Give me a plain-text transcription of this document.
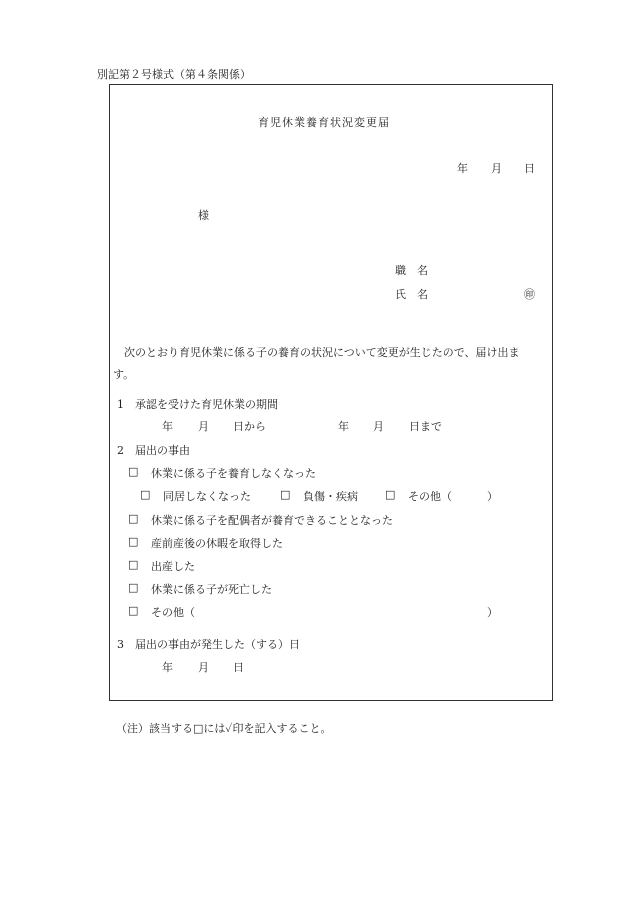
別記第２号様式（第４条関係）
育児休業養育状況変更届
年 月 日
様
職　名
氏　名	㊞
次のとおり育児休業に係る子の養育の状況について変更が生じたので、届け出ま
す。
1　承認を受けた育児休業の期間
年 月 日から	年 月 日まで
2　届出の事由
□ 休業に係る子を養育しなくなった
□ 同居しなくなった	□ 負傷・疾病 □ その他（	）
□ 休業に係る子を配偶者が養育できることとなった
□ 産前産後の休暇を取得した
□ 出産した
□ 休業に係る子が死亡した
□ その他（	）
3　届出の事由が発生した（する）日
年 月 日
（注）該当する□には✓印を記入すること。
